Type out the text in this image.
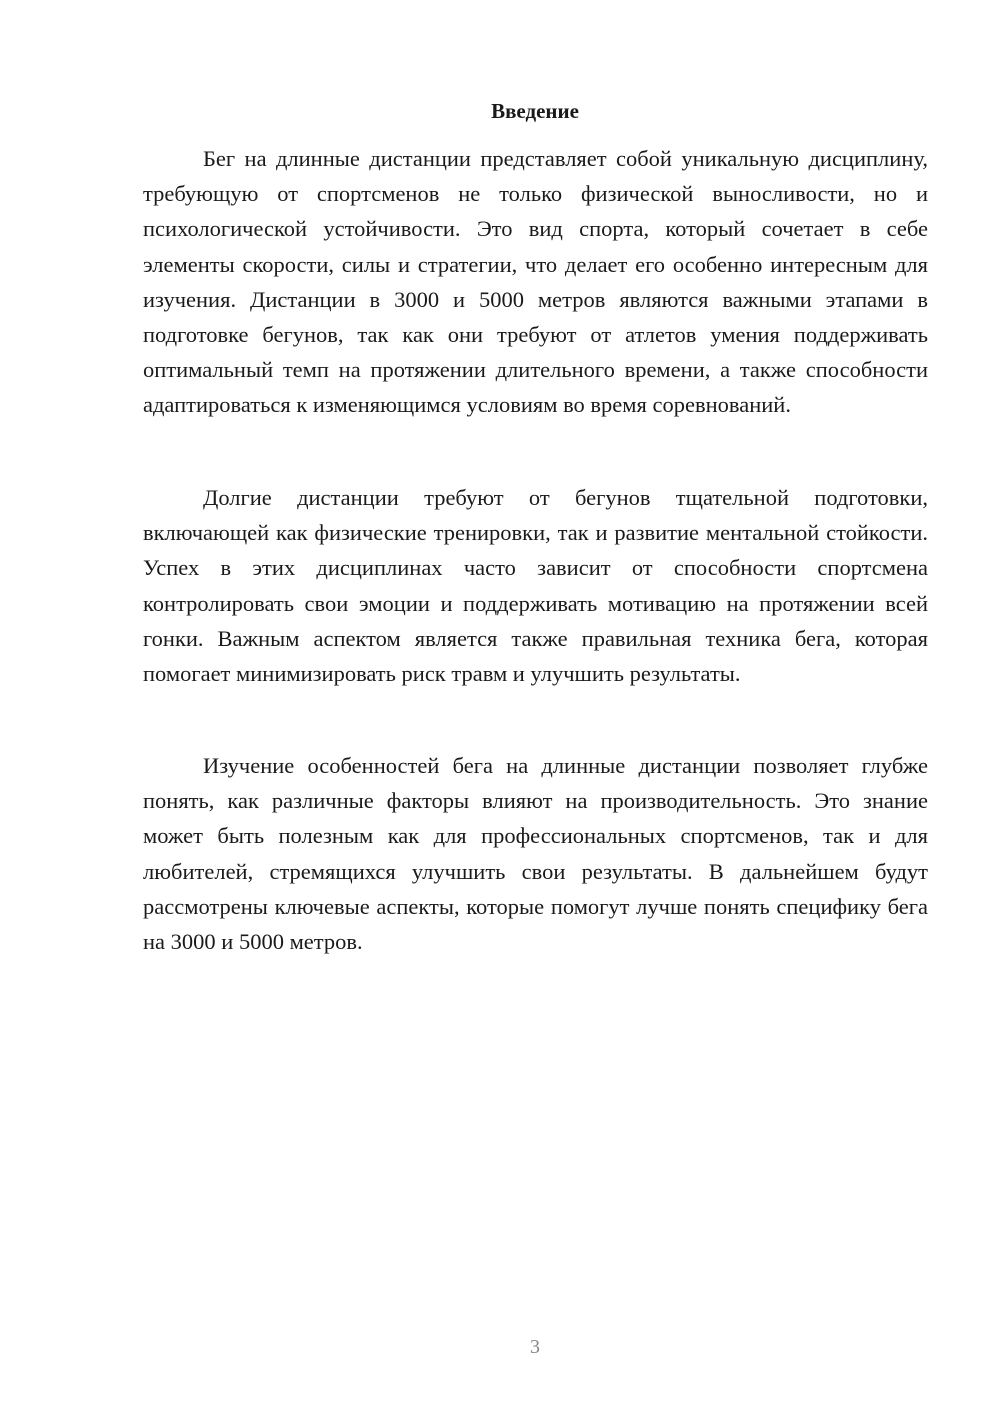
Введение

Бег на длинные дистанции представляет собой уникальную дисциплину, требующую от спортсменов не только физической выносливости, но и психологической устойчивости. Это вид спорта, который сочетает в себе элементы скорости, силы и стратегии, что делает его особенно интересным для изучения. Дистанции в 3000 и 5000 метров являются важными этапами в подготовке бегунов, так как они требуют от атлетов умения поддерживать оптимальный темп на протяжении длительного времени, а также способности адаптироваться к изменяющимся условиям во время соревнований.

Долгие дистанции требуют от бегунов тщательной подготовки, включающей как физические тренировки, так и развитие ментальной стойкости. Успех в этих дисциплинах часто зависит от способности спортсмена контролировать свои эмоции и поддерживать мотивацию на протяжении всей гонки. Важным аспектом является также правильная техника бега, которая помогает минимизировать риск травм и улучшить результаты.

Изучение особенностей бега на длинные дистанции позволяет глубже понять, как различные факторы влияют на производительность. Это знание может быть полезным как для профессиональных спортсменов, так и для любителей, стремящихся улучшить свои результаты. В дальнейшем будут рассмотрены ключевые аспекты, которые помогут лучше понять специфику бега на 3000 и 5000 метров.

3
